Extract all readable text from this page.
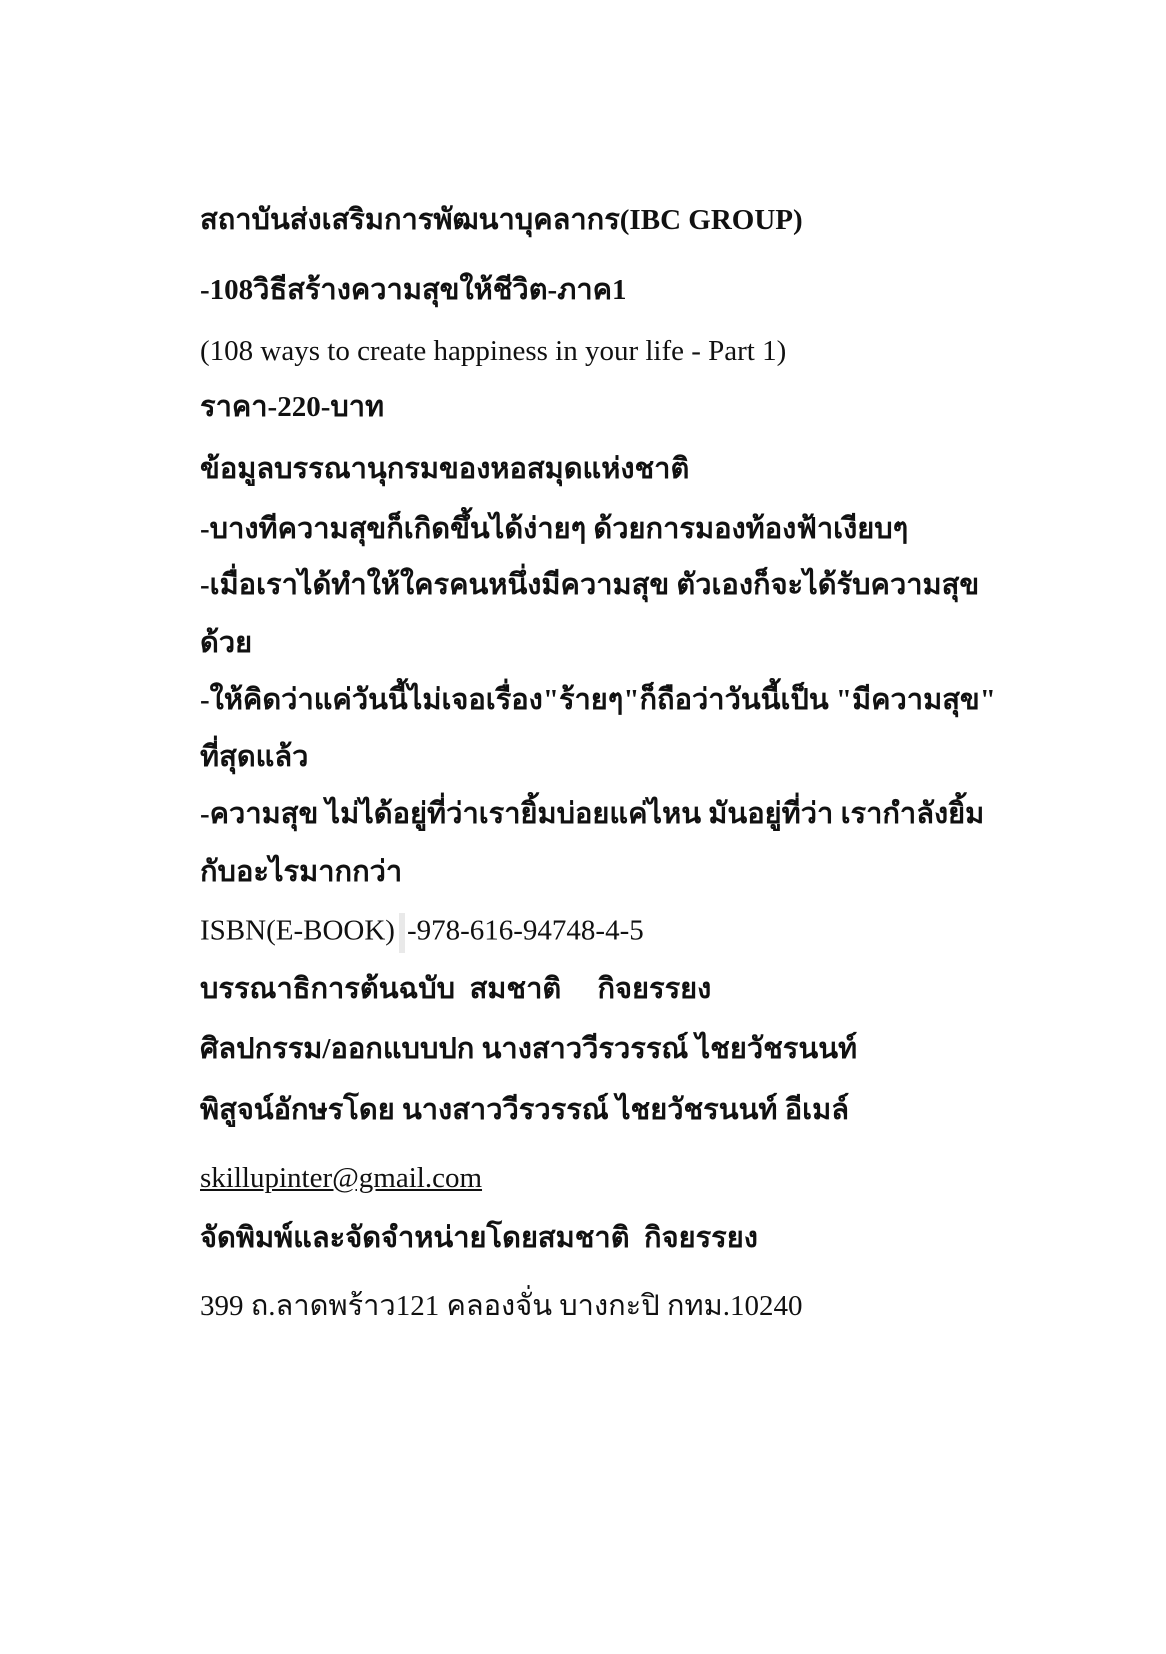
สถาบันส่งเสริมการพัฒนาบุคลากร(IBC GROUP)
-108วิธีสร้างความสุขให้ชีวิต-ภาค1
(108 ways to create happiness in your life - Part 1)
ราคา-220-บาท
ข้อมูลบรรณานุกรมของหอสมุดแห่งชาติ
-บางทีความสุขก็เกิดขึ้นได้ง่ายๆ ด้วยการมองท้องฟ้าเงียบๆ
-เมื่อเราได้ทำให้ใครคนหนึ่งมีความสุข ตัวเองก็จะได้รับความสุข
ด้วย
-ให้คิดว่าแค่วันนี้ไม่เจอเรื่อง"ร้ายๆ"ก็ถือว่าวันนี้เป็น "มีความสุข"
ที่สุดแล้ว
-ความสุข ไม่ได้อยู่ที่ว่าเรายิ้มบ่อยแค่ไหน มันอยู่ที่ว่า เรากำลังยิ้ม
กับอะไรมากกว่า
ISBN(E-BOOK) -978-616-94748-4-5
บรรณาธิการต้นฉบับ  สมชาติ     กิจยรรยง
ศิลปกรรม/ออกแบบปก นางสาววีรวรรณ์ ไชยวัชรนนท์
พิสูจน์อักษรโดย นางสาววีรวรรณ์ ไชยวัชรนนท์ อีเมล์
skillupinter@gmail.com
จัดพิมพ์และจัดจำหน่ายโดยสมชาติ  กิจยรรยง
399 ถ.ลาดพร้าว121 คลองจั่น บางกะปิ กทม.10240
